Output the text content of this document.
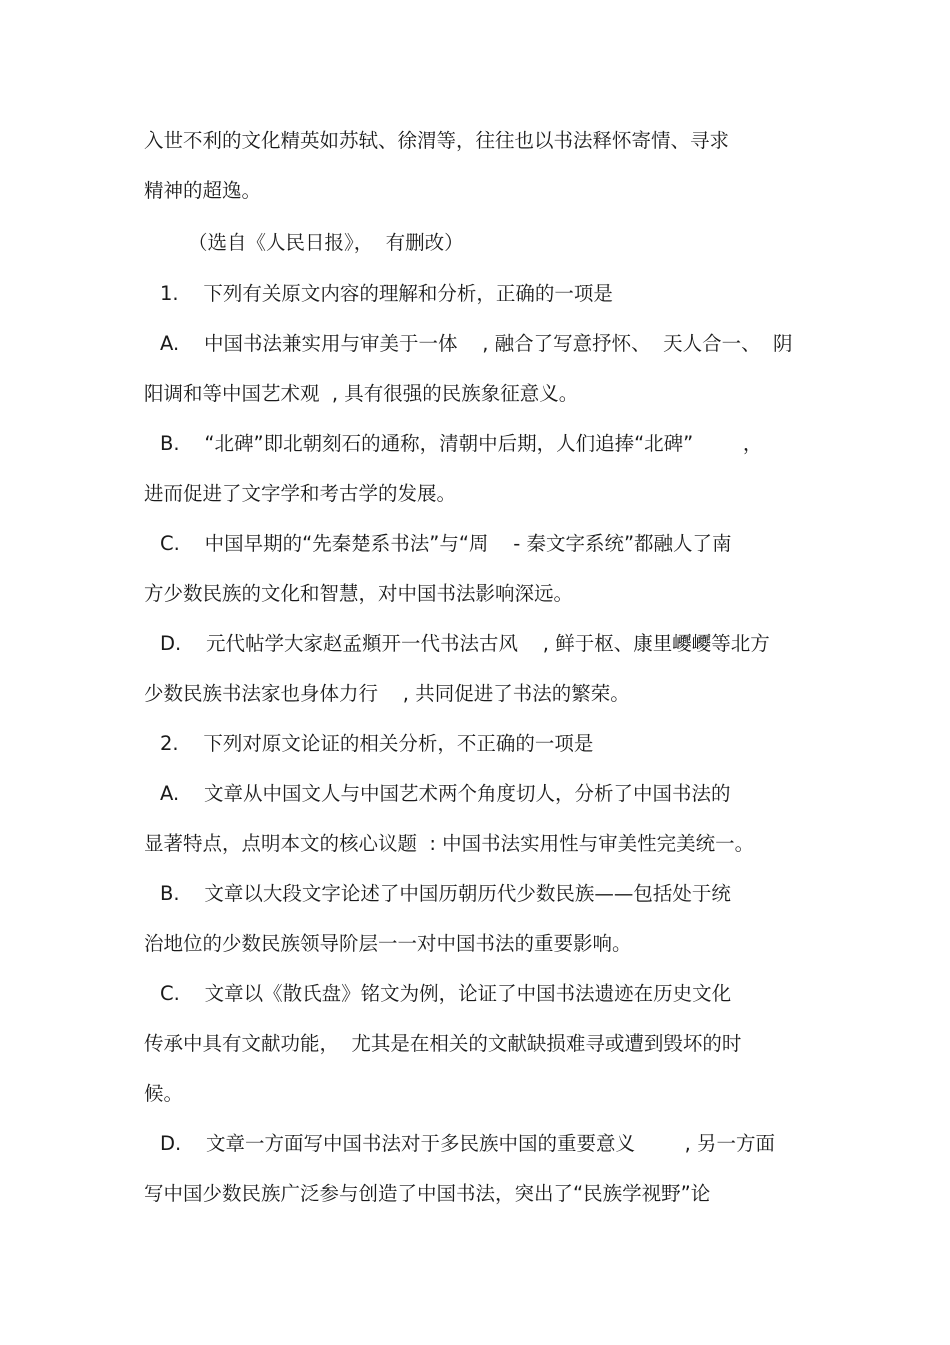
入世不利的文化精英如苏轼、徐渭等，往往也以书法释怀寄情、寻求
精神的超逸。
（选自《人民日报》，  有删改）
1.    下列有关原文内容的理解和分析，正确的一项是
A.    中国书法兼实用与审美于一体    , 融合了写意抒怀、  天人合一、  阴
阳调和等中国艺术观  , 具有很强的民族象征意义。
B.    “北碑”即北朝刻石的通称，清朝中后期，人们追捧“北碑”        ，
进而促进了文字学和考古学的发展。
C.    中国早期的“先秦楚系书法”与“周    - 秦文字系统”都融人了南
方少数民族的文化和智慧，对中国书法影响深远。
D.    元代帖学大家赵孟頫开一代书法古风    , 鲜于枢、康里巎巎等北方
少数民族书法家也身体力行    , 共同促进了书法的繁荣。
2.    下列对原文论证的相关分析，不正确的一项是
A.    文章从中国文人与中国艺术两个角度切人，分析了中国书法的
显著特点，点明本文的核心议题  : 中国书法实用性与审美性完美统一。
B.    文章以大段文字论述了中国历朝历代少数民族——包括处于统
治地位的少数民族领导阶层一一对中国书法的重要影响。
C.    文章以《散氏盘》铭文为例，论证了中国书法遗迹在历史文化
传承中具有文献功能，  尤其是在相关的文献缺损难寻或遭到毁坏的时
候。
D.    文章一方面写中国书法对于多民族中国的重要意义        , 另一方面
写中国少数民族广泛参与创造了中国书法，突出了“民族学视野”论
